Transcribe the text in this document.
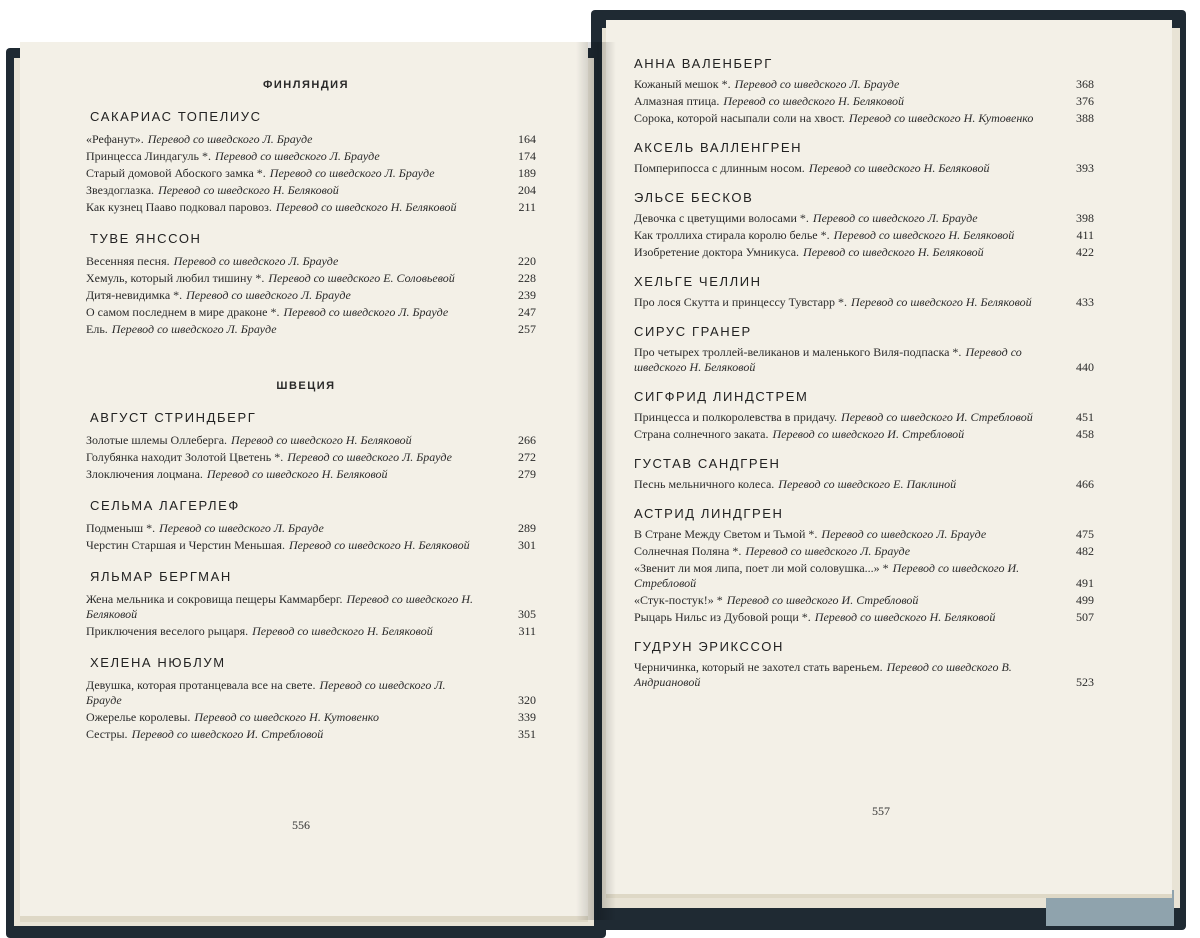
ФИНЛЯНДИЯ
САКАРИАС ТОПЕЛИУС
«Рефанут». Перевод со шведского Л. Брауде	164
Принцесса Линдагуль *. Перевод со шведского Л. Брауде	174
Старый домовой Абоского замка *. Перевод со шведского Л. Брауде	189
Звездоглазка. Перевод со шведского Н. Беляковой	204
Как кузнец Пааво подковал паровоз. Перевод со шведского Н. Беляковой	211
ТУВЕ ЯНССОН
Весенняя песня. Перевод со шведского Л. Брауде	220
Хемуль, который любил тишину *. Перевод со шведского Е. Соловьевой	228
Дитя-невидимка *. Перевод со шведского Л. Брауде	239
О самом последнем в мире драконе *. Перевод со шведского Л. Брауде	247
Ель. Перевод со шведского Л. Брауде	257
ШВЕЦИЯ
АВГУСТ СТРИНДБЕРГ
Золотые шлемы Оллеберга. Перевод со шведского Н. Беляковой	266
Голубянка находит Золотой Цветень *. Перевод со шведского Л. Брауде	272
Злоключения лоцмана. Перевод со шведского Н. Беляковой	279
СЕЛЬМА ЛАГЕРЛЕФ
Подменыш *. Перевод со шведского Л. Брауде	289
Черстин Старшая и Черстин Меньшая. Перевод со шведского Н. Беляковой	301
ЯЛЬМАР БЕРГМАН
Жена мельника и сокровища пещеры Каммарберг. Перевод со шведского Н. Беляковой	305
Приключения веселого рыцаря. Перевод со шведского Н. Беляковой	311
ХЕЛЕНА НЮБЛУМ
Девушка, которая протанцевала все на свете. Перевод со шведского Л. Брауде	320
Ожерелье королевы. Перевод со шведского Н. Кутовенко	339
Сестры. Перевод со шведского И. Стребловой	351
АННА ВАЛЕНБЕРГ
Кожаный мешок *. Перевод со шведского Л. Брауде	368
Алмазная птица. Перевод со шведского Н. Беляковой	376
Сорока, которой насыпали соли на хвост. Перевод со шведского Н. Кутовенко	388
АКСЕЛЬ ВАЛЛЕНГРЕН
Помперипосса с длинным носом. Перевод со шведского Н. Беляковой	393
ЭЛЬСЕ БЕСКОВ
Девочка с цветущими волосами *. Перевод со шведского Л. Брауде	398
Как троллиха стирала королю белье *. Перевод со шведского Н. Беляковой	411
Изобретение доктора Умникуса. Перевод со шведского Н. Беляковой	422
ХЕЛЬГЕ ЧЕЛЛИН
Про лося Скутта и принцессу Тувстарр *. Перевод со шведского Н. Беляковой	433
СИРУС ГРАНЕР
Про четырех троллей-великанов и маленького Виля-подпаска *. Перевод со шведского Н. Беляковой	440
СИГФРИД ЛИНДСТРЕМ
Принцесса и полкоролевства в придачу. Перевод со шведского И. Стребловой	451
Страна солнечного заката. Перевод со шведского И. Стребловой	458
ГУСТАВ САНДГРЕН
Песнь мельничного колеса. Перевод со шведского Е. Паклиной	466
АСТРИД ЛИНДГРЕН
В Стране Между Светом и Тьмой *. Перевод со шведского Л. Брауде	475
Солнечная Поляна *. Перевод со шведского Л. Брауде	482
«Звенит ли моя липа, поет ли мой соловушка...» * Перевод со шведского И. Стребловой	491
«Стук-постук!» * Перевод со шведского И. Стребловой	499
Рыцарь Нильс из Дубовой рощи *. Перевод со шведского Н. Беляковой	507
ГУДРУН ЭРИКССОН
Черничинка, который не захотел стать вареньем. Перевод со шведского В. Андриановой	523
556
557
